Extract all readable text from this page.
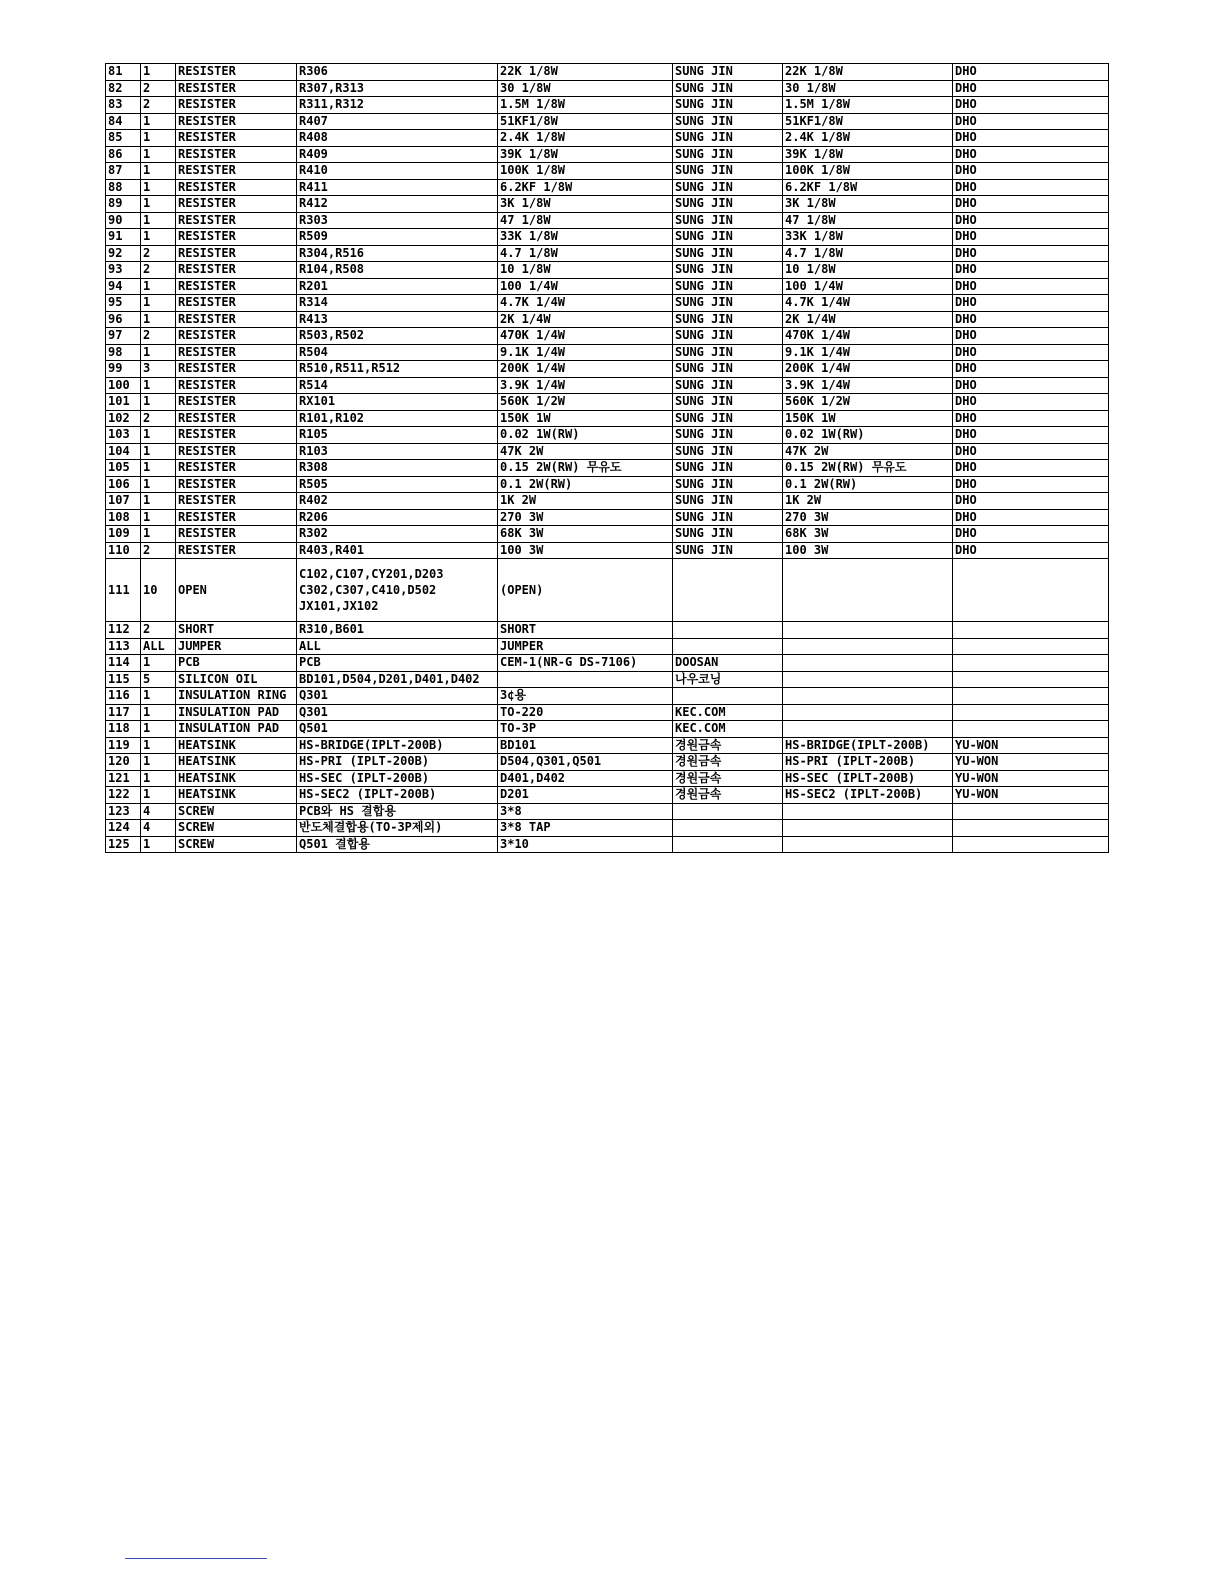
81	1	RESISTER	R306	22K 1/8W	SUNG JIN	22K 1/8W	DHO
82	2	RESISTER	R307,R313	30 1/8W	SUNG JIN	30 1/8W	DHO
83	2	RESISTER	R311,R312	1.5M 1/8W	SUNG JIN	1.5M 1/8W	DHO
84	1	RESISTER	R407	51KF1/8W	SUNG JIN	51KF1/8W	DHO
85	1	RESISTER	R408	2.4K 1/8W	SUNG JIN	2.4K 1/8W	DHO
86	1	RESISTER	R409	39K 1/8W	SUNG JIN	39K 1/8W	DHO
87	1	RESISTER	R410	100K 1/8W	SUNG JIN	100K 1/8W	DHO
88	1	RESISTER	R411	6.2KF 1/8W	SUNG JIN	6.2KF 1/8W	DHO
89	1	RESISTER	R412	3K 1/8W	SUNG JIN	3K 1/8W	DHO
90	1	RESISTER	R303	47 1/8W	SUNG JIN	47 1/8W	DHO
91	1	RESISTER	R509	33K 1/8W	SUNG JIN	33K 1/8W	DHO
92	2	RESISTER	R304,R516	4.7 1/8W	SUNG JIN	4.7 1/8W	DHO
93	2	RESISTER	R104,R508	10 1/8W	SUNG JIN	10 1/8W	DHO
94	1	RESISTER	R201	100 1/4W	SUNG JIN	100 1/4W	DHO
95	1	RESISTER	R314	4.7K 1/4W	SUNG JIN	4.7K 1/4W	DHO
96	1	RESISTER	R413	2K 1/4W	SUNG JIN	2K 1/4W	DHO
97	2	RESISTER	R503,R502	470K 1/4W	SUNG JIN	470K 1/4W	DHO
98	1	RESISTER	R504	9.1K 1/4W	SUNG JIN	9.1K 1/4W	DHO
99	3	RESISTER	R510,R511,R512	200K 1/4W	SUNG JIN	200K 1/4W	DHO
100	1	RESISTER	R514	3.9K 1/4W	SUNG JIN	3.9K 1/4W	DHO
101	1	RESISTER	RX101	560K 1/2W	SUNG JIN	560K 1/2W	DHO
102	2	RESISTER	R101,R102	150K 1W	SUNG JIN	150K 1W	DHO
103	1	RESISTER	R105	0.02 1W(RW)	SUNG JIN	0.02 1W(RW)	DHO
104	1	RESISTER	R103	47K 2W	SUNG JIN	47K 2W	DHO
105	1	RESISTER	R308	0.15 2W(RW) 무유도	SUNG JIN	0.15 2W(RW) 무유도	DHO
106	1	RESISTER	R505	0.1 2W(RW)	SUNG JIN	0.1 2W(RW)	DHO
107	1	RESISTER	R402	1K 2W	SUNG JIN	1K 2W	DHO
108	1	RESISTER	R206	270 3W	SUNG JIN	270 3W	DHO
109	1	RESISTER	R302	68K 3W	SUNG JIN	68K 3W	DHO
110	2	RESISTER	R403,R401	100 3W	SUNG JIN	100 3W	DHO
111	10	OPEN	C102,C107,CY201,D203
C302,C307,C410,D502
JX101,JX102	(OPEN)			
112	2	SHORT	R310,B601	SHORT			
113	ALL	JUMPER	ALL	JUMPER			
114	1	PCB	PCB	CEM-1(NR-G DS-7106)	DOOSAN		
115	5	SILICON OIL	BD101,D504,D201,D401,D402		나우코닝		
116	1	INSULATION RING	Q301	3¢용			
117	1	INSULATION PAD	Q301	TO-220	KEC.COM		
118	1	INSULATION PAD	Q501	TO-3P	KEC.COM		
119	1	HEATSINK	HS-BRIDGE(IPLT-200B)	BD101	경원금속	HS-BRIDGE(IPLT-200B)	YU-WON
120	1	HEATSINK	HS-PRI (IPLT-200B)	D504,Q301,Q501	경원금속	HS-PRI (IPLT-200B)	YU-WON
121	1	HEATSINK	HS-SEC (IPLT-200B)	D401,D402	경원금속	HS-SEC (IPLT-200B)	YU-WON
122	1	HEATSINK	HS-SEC2 (IPLT-200B)	D201	경원금속	HS-SEC2 (IPLT-200B)	YU-WON
123	4	SCREW	PCB와 HS 결합용	3*8			
124	4	SCREW	반도체결합용(TO-3P제외)	3*8 TAP			
125	1	SCREW	Q501 결합용	3*10			
